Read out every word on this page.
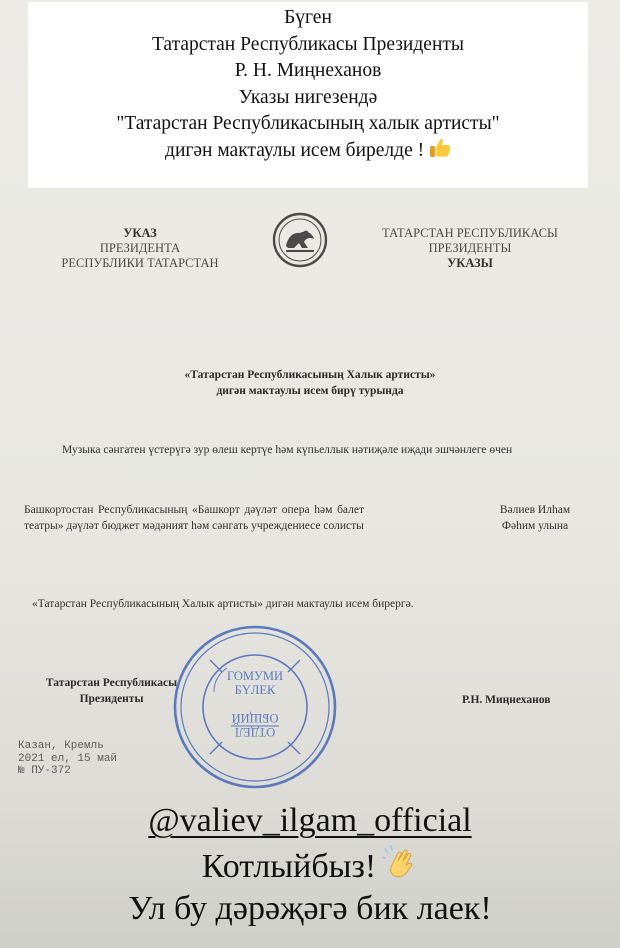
Бүген
Татарстан Республикасы Президенты
Р. Н. Миңнеханов
Указы нигезендә
"Татарстан Республикасының халык артисты"
дигән мактаулы исем бирелде !
УКАЗ
ПРЕЗИДЕНТА
РЕСПУБЛИКИ ТАТАРСТАН
ТАТАРСТАН РЕСПУБЛИКАСЫ
ПРЕЗИДЕНТЫ
УКАЗЫ
«Татарстан Республикасының Халык артисты»
дигән мактаулы исем бирү турында
Музыка сәнгатен үстерүгә зур өлеш кертүе һәм күпьеллык нәтиҗәле иҗади эшчәнлеге өчен
Башкортостан Республикасының «Башкорт дәүләт опера һәм балет театры» дәүләт бюджет мәдәният һәм сәнгать учреждениесе солисты
Вәлиев Илһам
Фәһим улына
«Татарстан Республикасының Халык артисты» дигән мактаулы исем бирергә.
Татарстан Республикасы
Президенты	Р.Н. Миңнеханов
Казан, Кремль
2021 ел, 15 май
№ ПУ-372
ГОМУМИ
БҮЛЕК
ОБЩИЙ
ОТДЕЛ
@valiev_ilgam_official
Котлыйбыз!
Ул бу дәрәҗәгә бик лаек!
